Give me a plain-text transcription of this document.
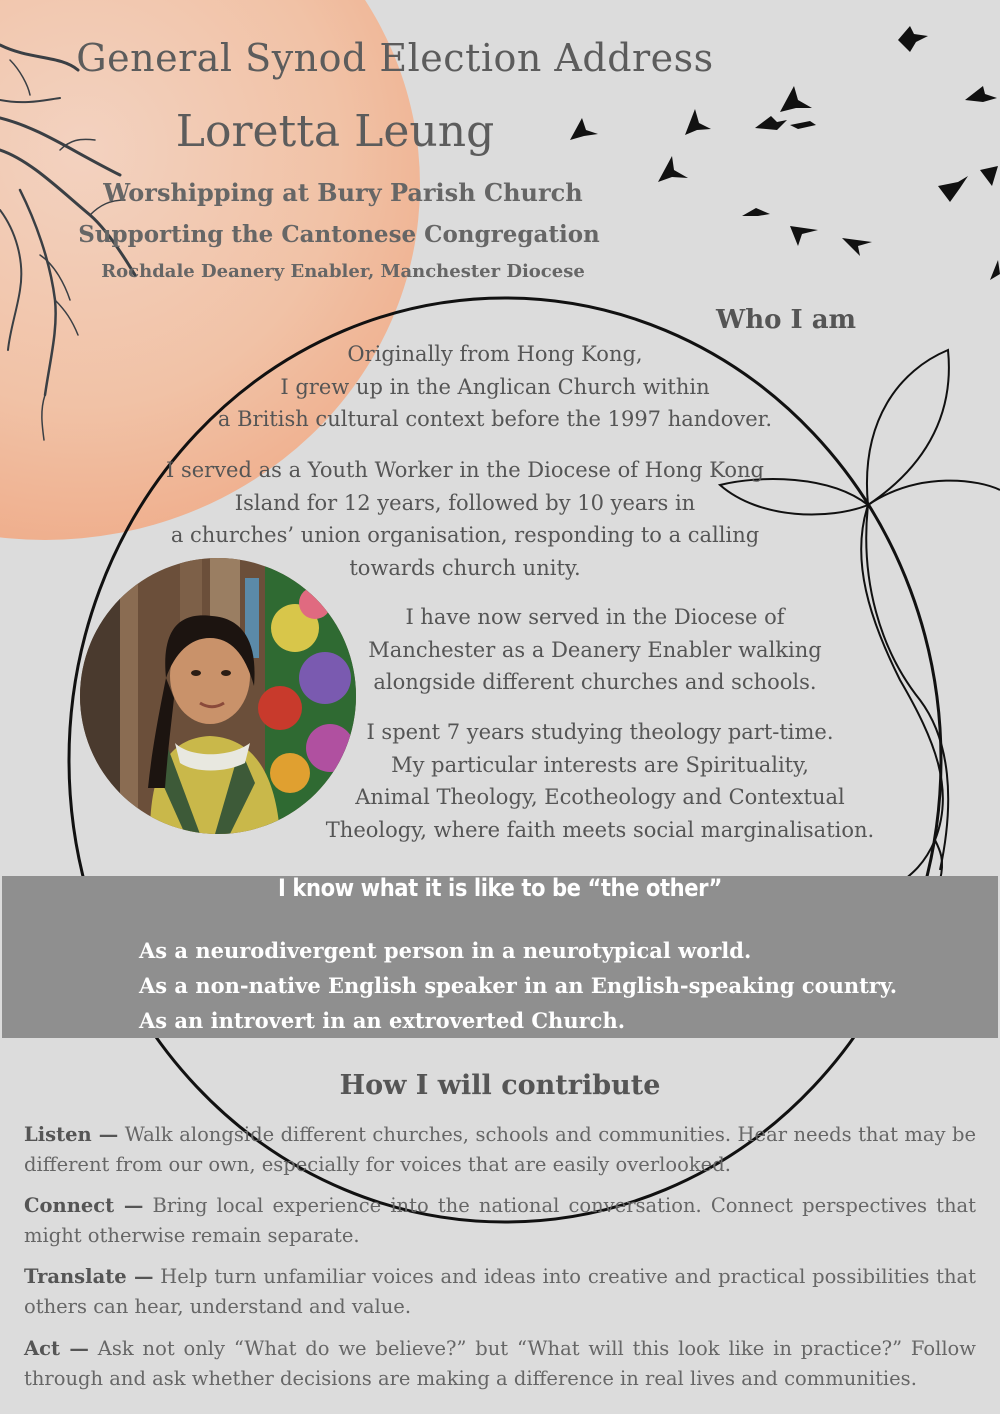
General Synod Election Address
Loretta Leung

Worshipping at Bury Parish Church

Supporting the Cantonese Congregation

Rochdale Deanery Enabler, Manchester Diocese

Who I am

Originally from Hong Kong,
I grew up in the Anglican Church within
a British cultural context before the 1997 handover.

I served as a Youth Worker in the Diocese of Hong Kong
Island for 12 years, followed by 10 years in
a churches’ union organisation, responding to a calling
towards church unity.

I have now served in the Diocese of
Manchester as a Deanery Enabler walking
alongside different churches and schools.

I spent 7 years studying theology part-time.
My particular interests are Spirituality,
Animal Theology, Ecotheology and Contextual
Theology, where faith meets social marginalisation.

I know what it is like to be “the other”
As a neurodivergent person in a neurotypical world.
As a non-native English speaker in an English-speaking country.
As an introvert in an extroverted Church.
How I will contribute

Listen — Walk alongside different churches, schools and communities. Hear needs that may be different from our own, especially for voices that are easily overlooked.

Connect — Bring local experience into the national conversation. Connect perspectives that might otherwise remain separate.

Translate — Help turn unfamiliar voices and ideas into creative and practical possibilities that others can hear, understand and value.

Act — Ask not only “What do we believe?” but “What will this look like in practice?” Follow through and ask whether decisions are making a difference in real lives and communities.
